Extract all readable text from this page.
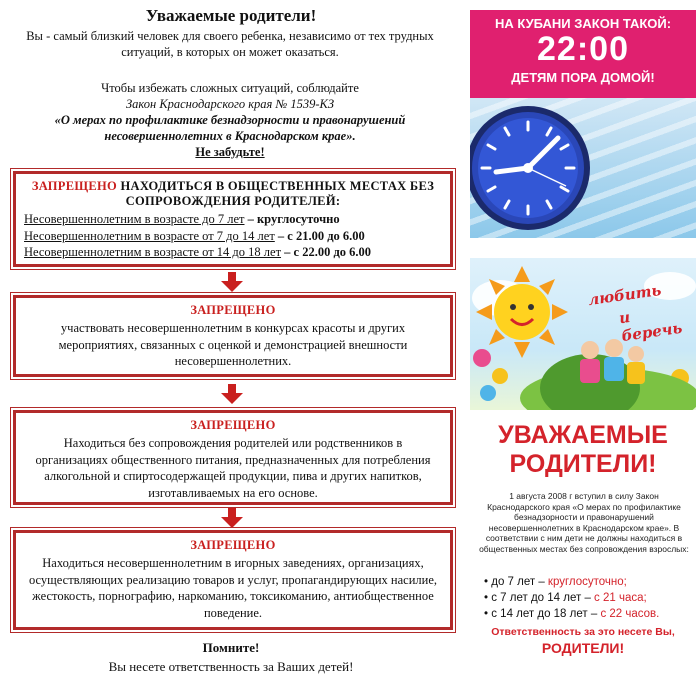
Уважаемые родители!
Вы - самый близкий человек для своего ребенка, независимо от тех трудных ситуаций, в которых он может оказаться.
Чтобы избежать сложных ситуаций, соблюдайте
Закон Краснодарского края № 1539-КЗ
«О мерах по профилактике безнадзорности и правонарушений несовершеннолетних в Краснодарском крае».
Не забудьте!
ЗАПРЕЩЕНО НАХОДИТЬСЯ В ОБЩЕСТВЕННЫХ МЕСТАХ БЕЗ СОПРОВОЖДЕНИЯ РОДИТЕЛЕЙ:
Несовершеннолетним в возрасте до 7 лет – круглосуточно
Несовершеннолетним в возрасте от 7 до 14 лет – с 21.00 до 6.00
Несовершеннолетним в возрасте от 14 до 18 лет – с 22.00 до 6.00
ЗАПРЕЩЕНО
участвовать несовершеннолетним в конкурсах красоты и других мероприятиях, связанных с оценкой и демонстрацией внешности несовершеннолетних.
ЗАПРЕЩЕНО
Находиться без сопровождения родителей или родственников в организациях общественного питания, предназначенных для потребления алкогольной и спиртосодержащей продукции, пива и других напитков, изготавливаемых на его основе.
ЗАПРЕЩЕНО
Находиться несовершеннолетним в игорных заведениях, организациях, осуществляющих реализацию товаров и услуг, пропагандирующих насилие, жестокость, порнографию, наркоманию, токсикоманию, антиобщественное поведение.
Помните!
Вы несете ответственность за Ваших детей!
НА КУБАНИ ЗАКОН ТАКОЙ:
22:00
ДЕТЯМ ПОРА ДОМОЙ!
любить
и беречь
УВАЖАЕМЫЕ
РОДИТЕЛИ!
1 августа 2008 г вступил в силу Закон Краснодарского края «О мерах по профилактике безнадзорности и правонарушений несовершеннолетних в Краснодарском крае». В соответствии с ним дети не должны находиться в общественных местах без сопровождения взрослых:
• до 7 лет – круглосуточно;
• с 7 лет до 14 лет – с 21 часа;
• с 14 лет до 18 лет – с 22 часов.
Ответственность за это несете Вы,
РОДИТЕЛИ!
